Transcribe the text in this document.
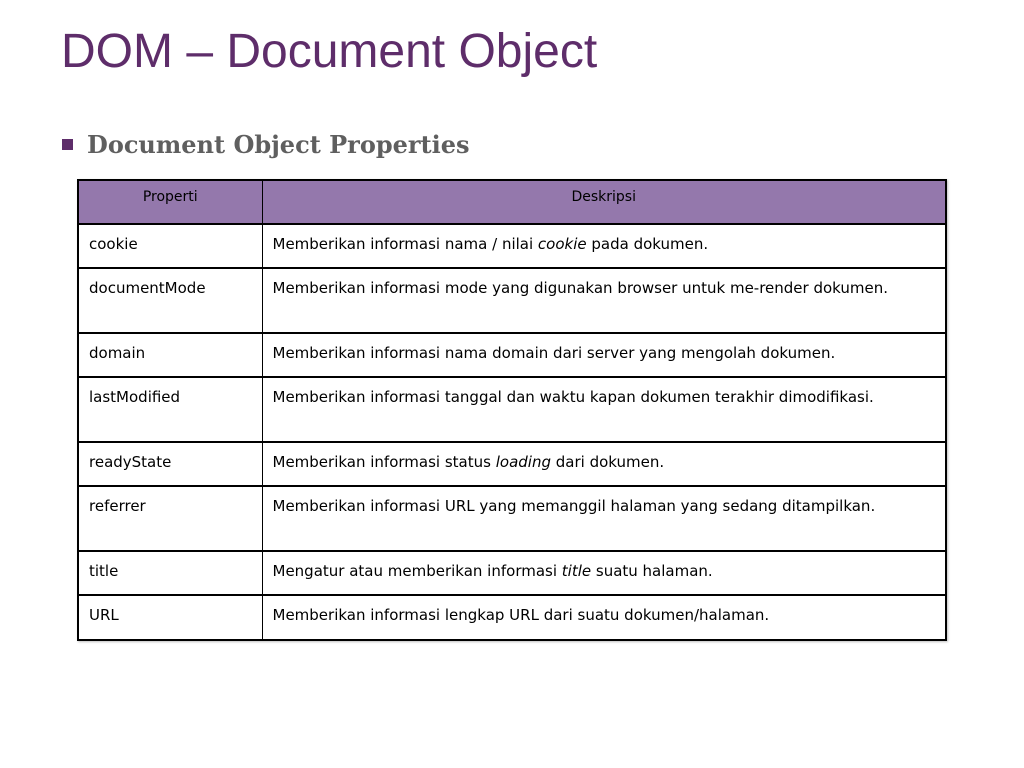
DOM – Document Object
Document Object Properties
Properti	Deskripsi
cookie	Memberikan informasi nama / nilai cookie pada dokumen.
documentMode	Memberikan informasi mode yang digunakan browser untuk me-render dokumen.
domain	Memberikan informasi nama domain dari server yang mengolah dokumen.
lastModified	Memberikan informasi tanggal dan waktu kapan dokumen terakhir dimodifikasi.
readyState	Memberikan informasi status loading dari dokumen.
referrer	Memberikan informasi URL yang memanggil halaman yang sedang ditampilkan.
title	Mengatur atau memberikan informasi title suatu halaman.
URL	Memberikan informasi lengkap URL dari suatu dokumen/halaman.
